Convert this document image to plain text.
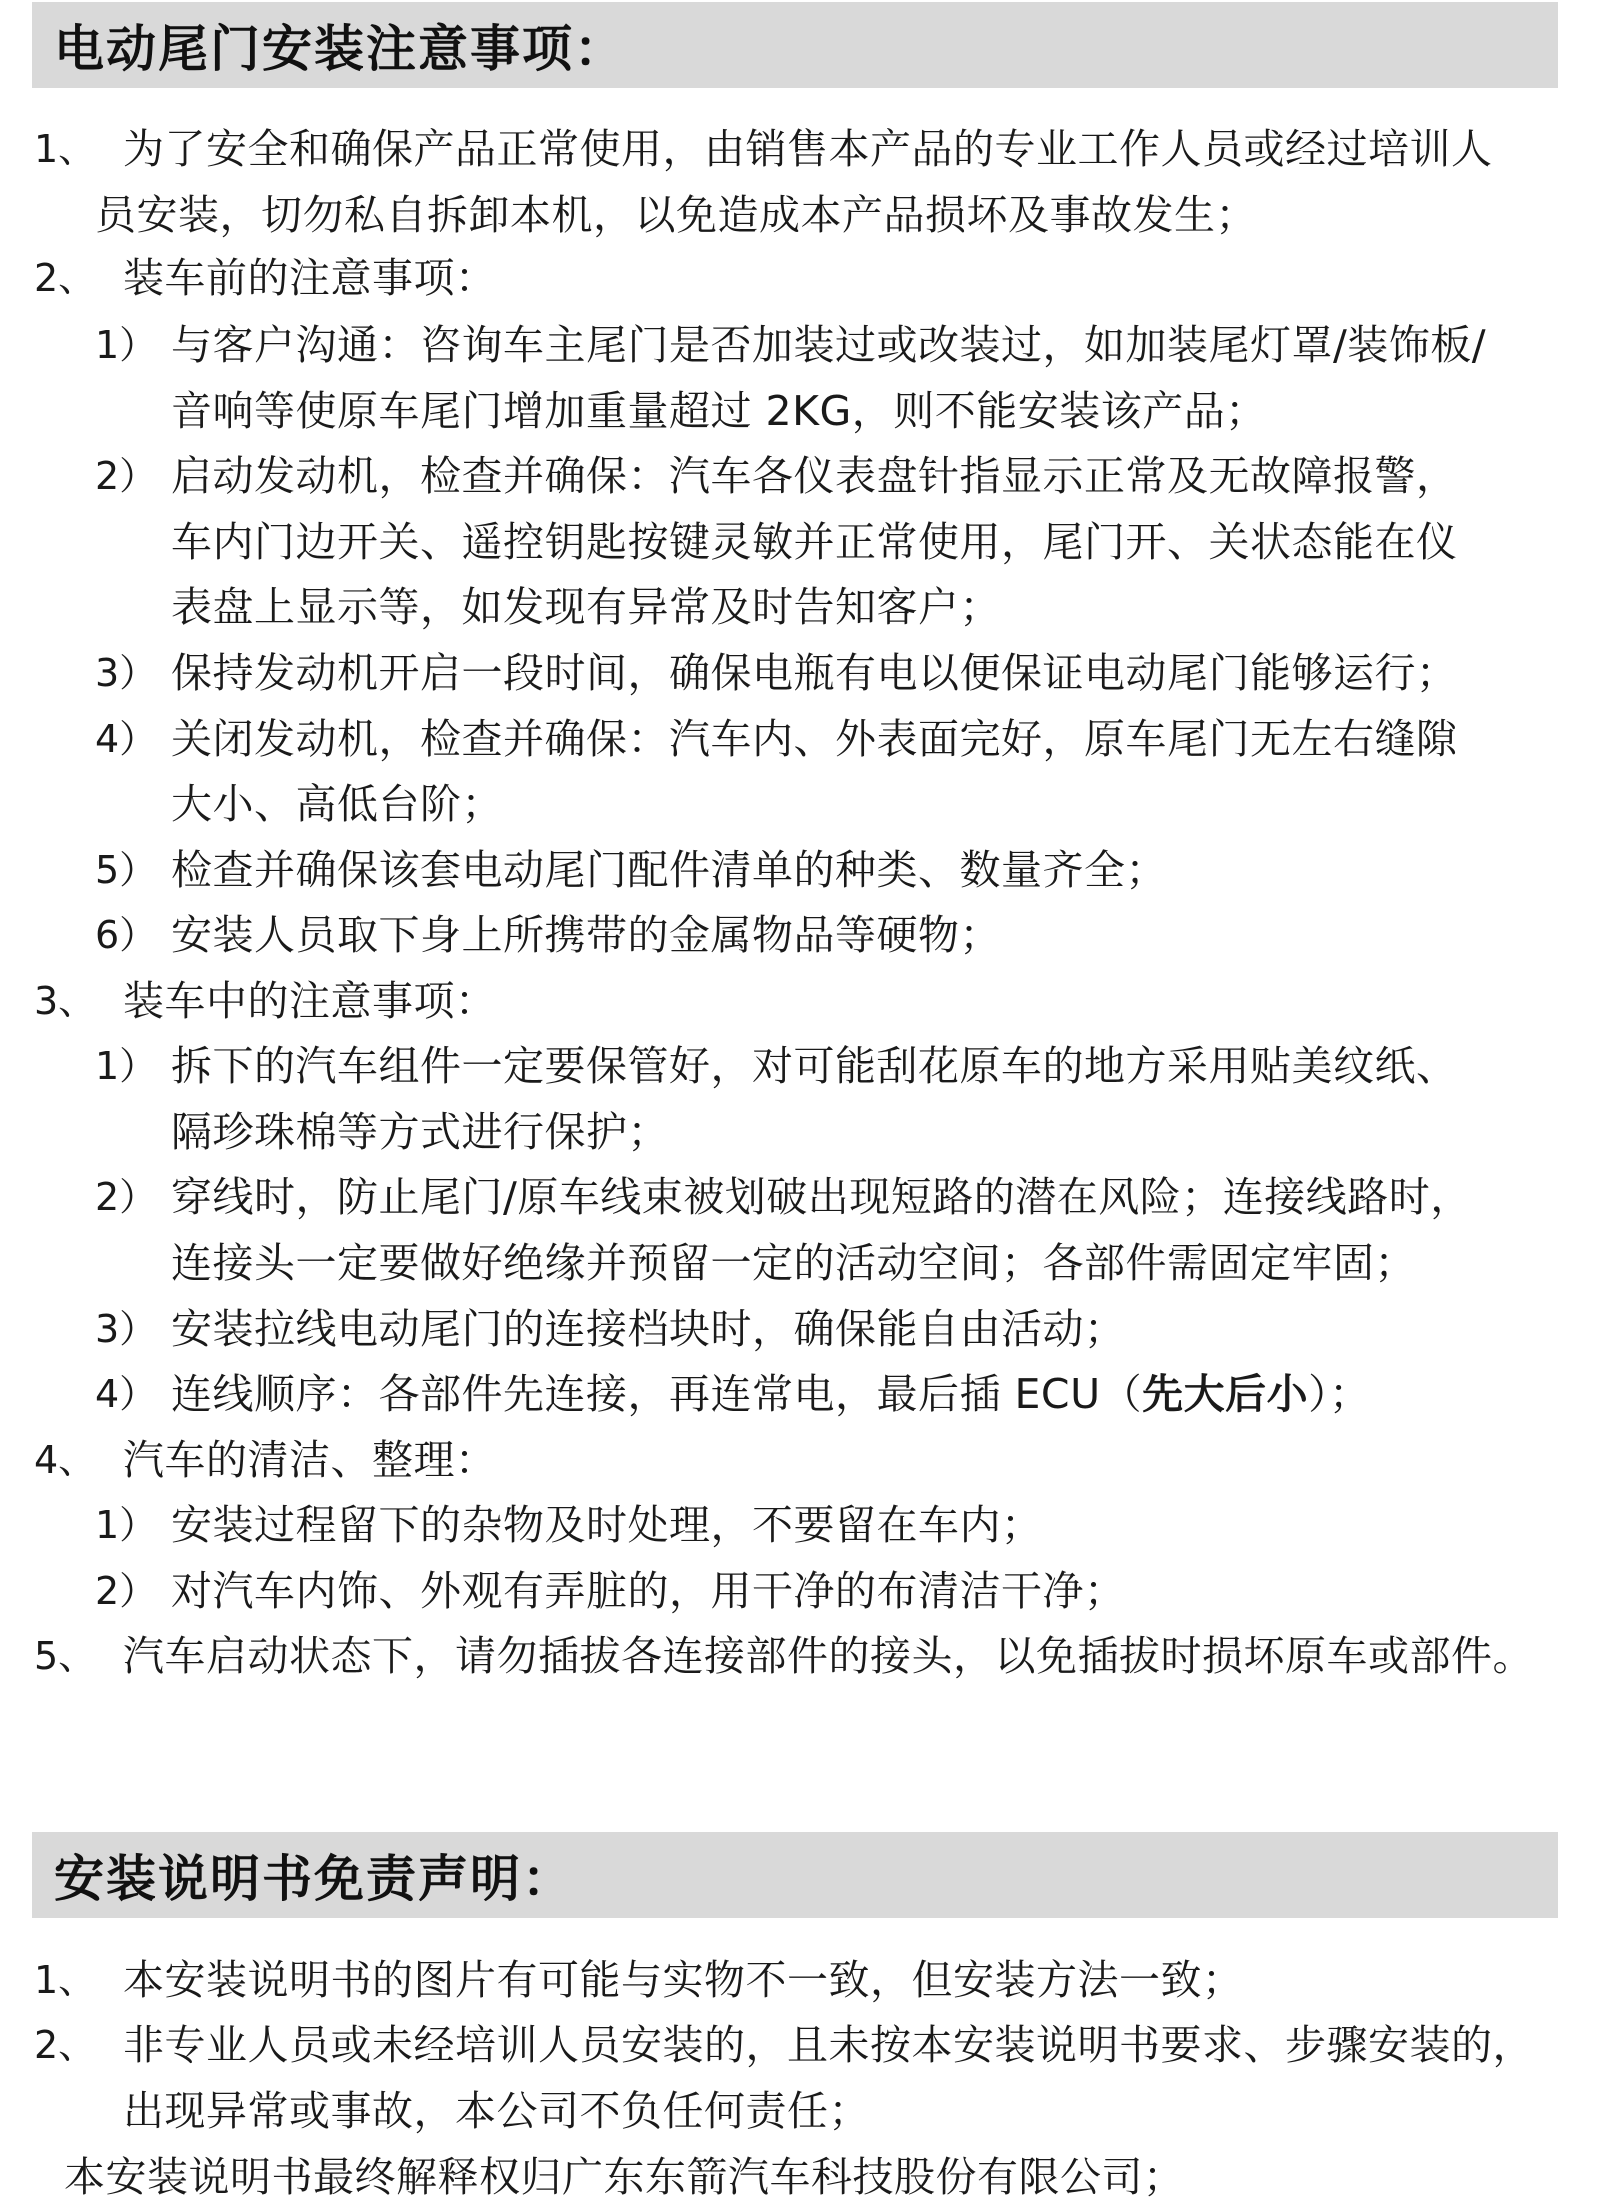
电动尾门安装注意事项：
1、 为了安全和确保产品正常使用，由销售本产品的专业工作人员或经过培训人
员安装，切勿私自拆卸本机，以免造成本产品损坏及事故发生；
2、 装车前的注意事项：
1） 与客户沟通：咨询车主尾门是否加装过或改装过，如加装尾灯罩/装饰板/
音响等使原车尾门增加重量超过 2KG，则不能安装该产品；
2） 启动发动机，检查并确保：汽车各仪表盘针指显示正常及无故障报警，
车内门边开关、遥控钥匙按键灵敏并正常使用，尾门开、关状态能在仪
表盘上显示等，如发现有异常及时告知客户；
3） 保持发动机开启一段时间，确保电瓶有电以便保证电动尾门能够运行；
4） 关闭发动机，检查并确保：汽车内、外表面完好，原车尾门无左右缝隙
大小、高低台阶；
5） 检查并确保该套电动尾门配件清单的种类、数量齐全；
6） 安装人员取下身上所携带的金属物品等硬物；
3、 装车中的注意事项：
1） 拆下的汽车组件一定要保管好，对可能刮花原车的地方采用贴美纹纸、
隔珍珠棉等方式进行保护；
2） 穿线时，防止尾门/原车线束被划破出现短路的潜在风险；连接线路时，
连接头一定要做好绝缘并预留一定的活动空间；各部件需固定牢固；
3） 安装拉线电动尾门的连接档块时，确保能自由活动；
4） 连线顺序：各部件先连接，再连常电，最后插 ECU（先大后小）；
4、 汽车的清洁、整理：
1） 安装过程留下的杂物及时处理，不要留在车内；
2） 对汽车内饰、外观有弄脏的，用干净的布清洁干净；
5、 汽车启动状态下，请勿插拔各连接部件的接头，以免插拔时损坏原车或部件。
安装说明书免责声明：
1、 本安装说明书的图片有可能与实物不一致，但安装方法一致；
2、 非专业人员或未经培训人员安装的，且未按本安装说明书要求、步骤安装的，
出现异常或事故，本公司不负任何责任；
本安装说明书最终解释权归广东东箭汽车科技股份有限公司；
